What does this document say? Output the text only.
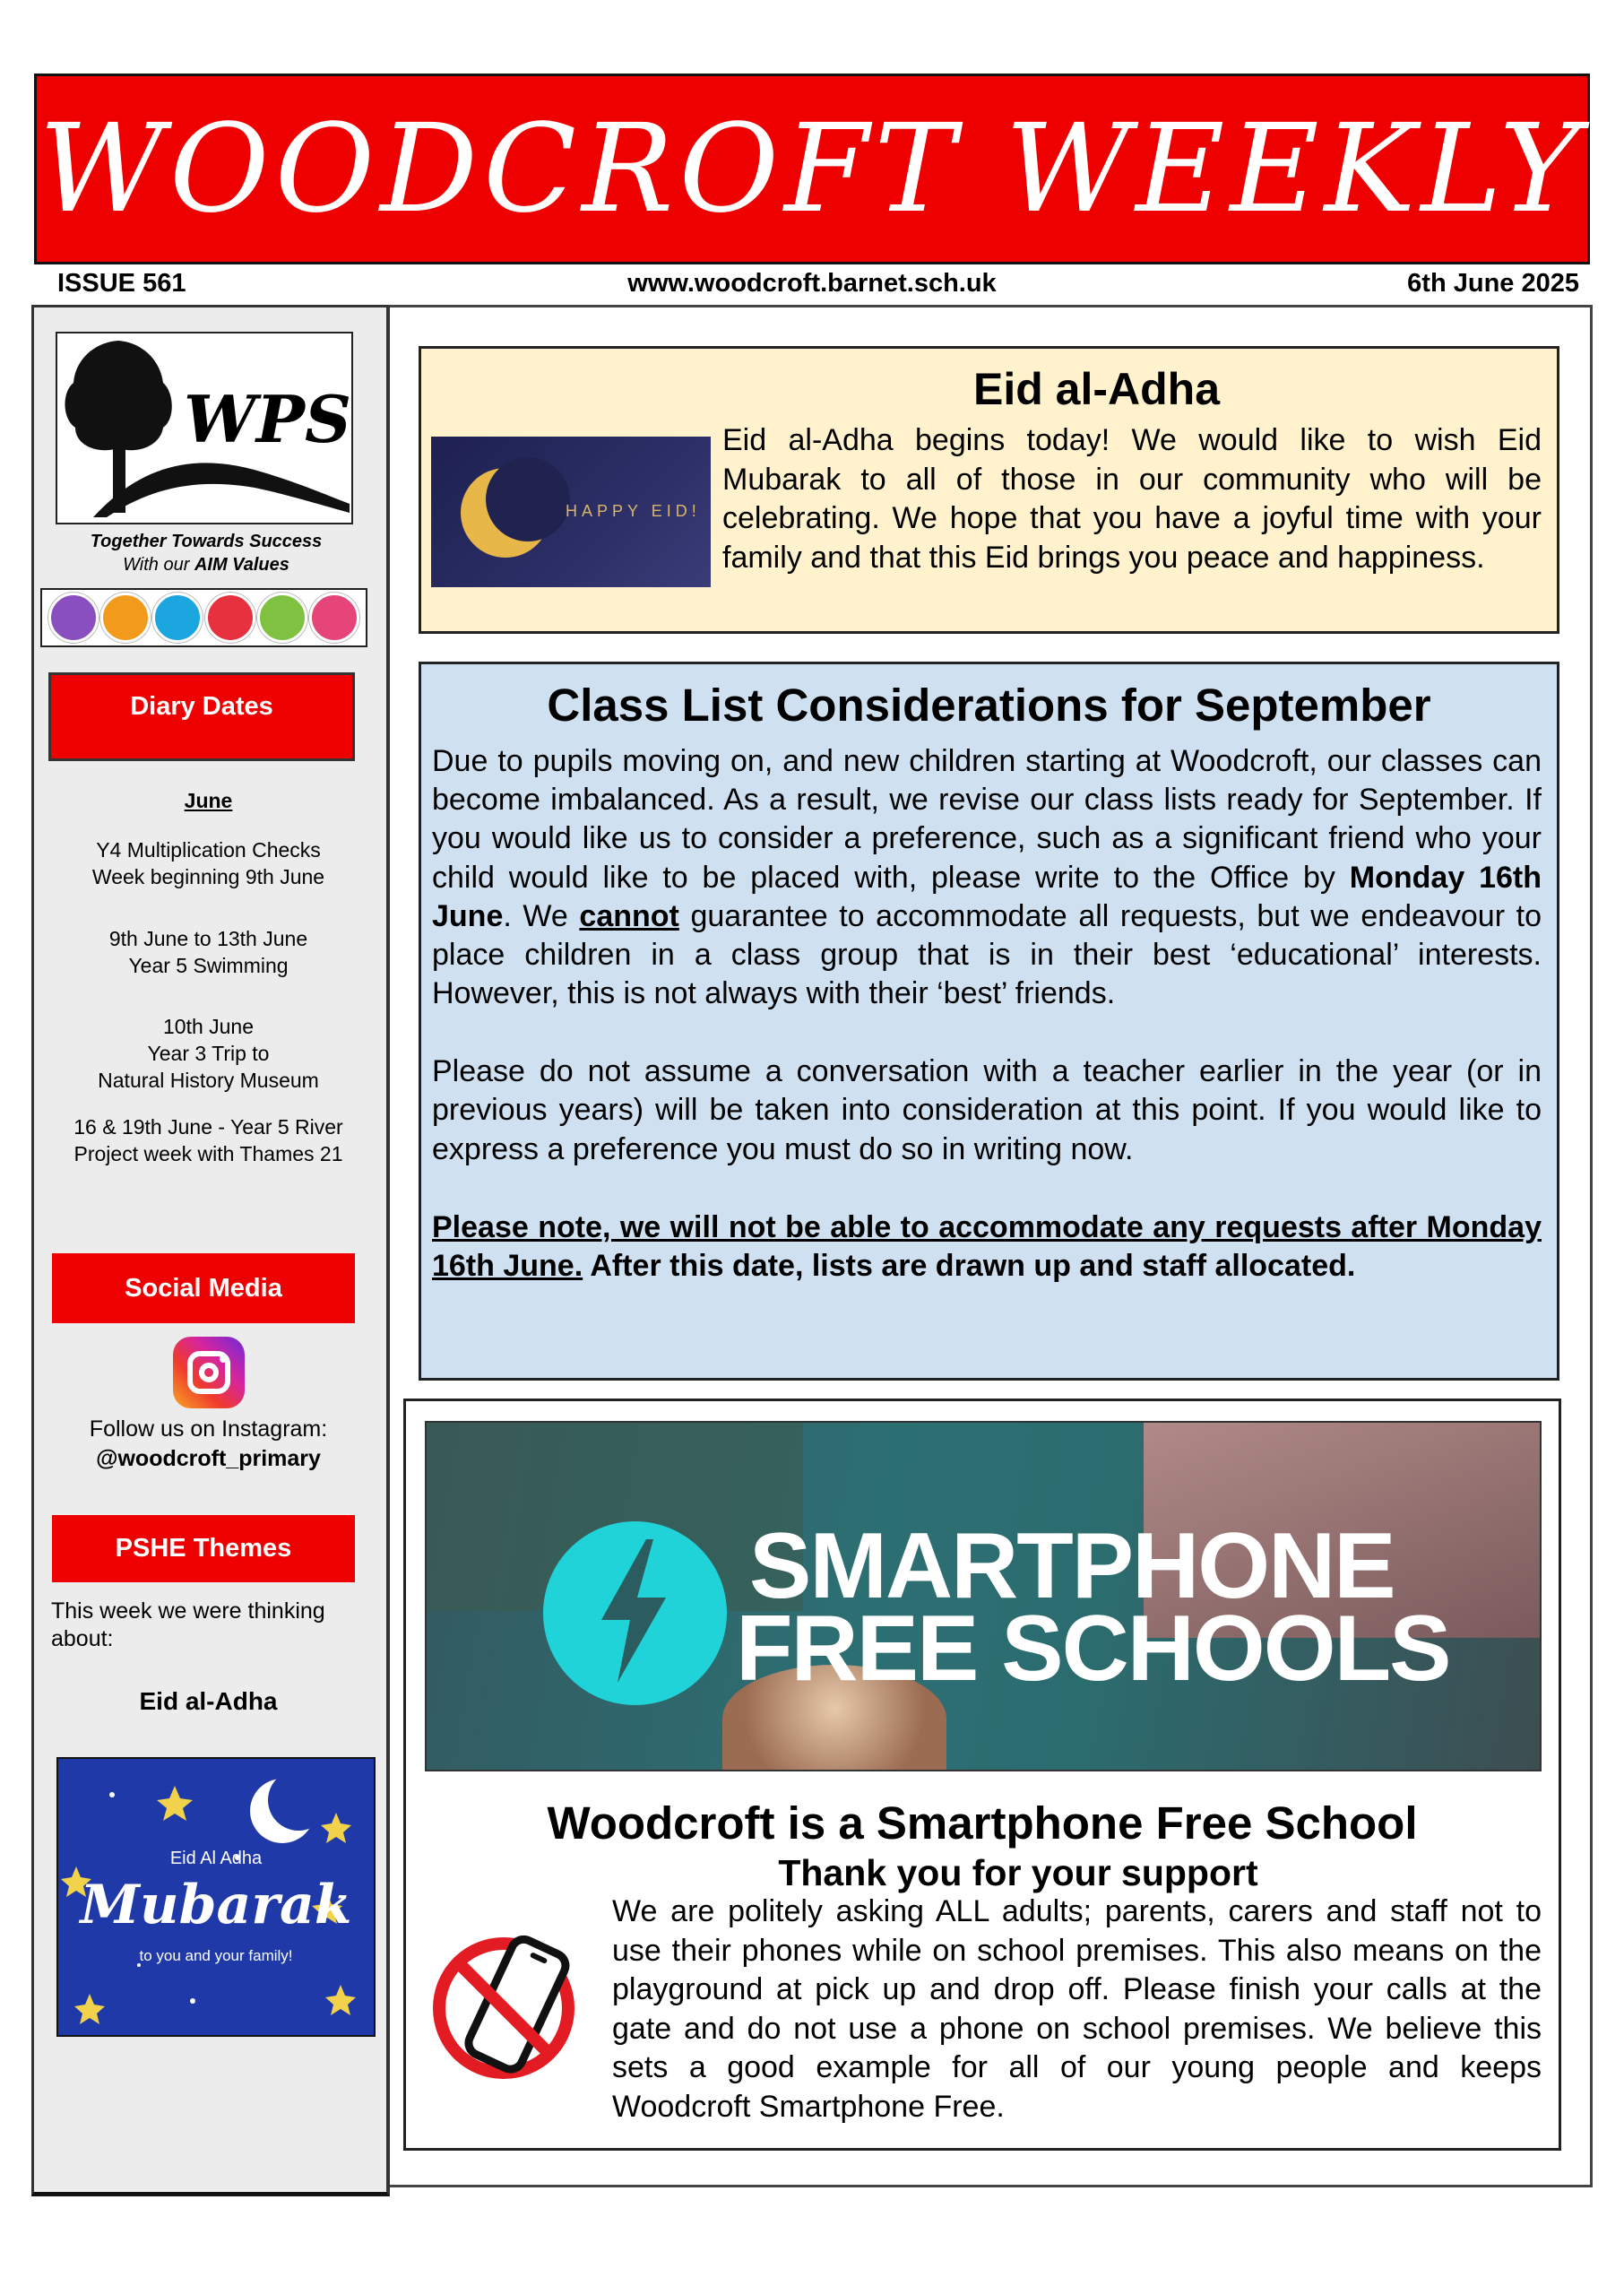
WOODCROFT WEEKLY
ISSUE 561	www.woodcroft.barnet.sch.uk	6th June 2025
WPS
Together Towards Success
With our AIM Values
Diary Dates
June
Y4 Multiplication Checks
Week beginning 9th June
9th June to 13th June
Year 5 Swimming
10th June
Year 3 Trip to
Natural History Museum
16 & 19th June - Year 5 River
Project week with Thames 21
Social Media
Follow us on Instagram:
@woodcroft_primary
PSHE Themes
This week we were thinking about:
Eid al-Adha
Eid Al Adha
Mubarak
to you and your family!
Eid al-Adha
HAPPY EID!
Eid al-Adha begins today! We would like to wish Eid Mubarak to all of those in our community who will be celebrating. We hope that you have a joyful time with your family and that this Eid brings you peace and happiness.
Class List Considerations for September

Due to pupils moving on, and new children starting at Woodcroft, our classes can become imbalanced. As a result, we revise our class lists ready for September. If you would like us to consider a preference, such as a significant friend who your child would like to be placed with, please write to the Office by Monday 16th June. We cannot guarantee to accommodate all requests, but we endeavour to place children in a class group that is in their best ‘educational’ interests. However, this is not always with their ‘best’ friends.

Please do not assume a conversation with a teacher earlier in the year (or in previous years) will be taken into consideration at this point. If you would like to express a preference you must do so in writing now.

Please note, we will not be able to accommodate any requests after Monday 16th June. After this date, lists are drawn up and staff allocated.

SMARTPHONE
FREE SCHOOLS
Woodcroft is a Smartphone Free School
Thank you for your support
We are politely asking ALL adults; parents, carers and staff not to use their phones while on school premises. This also means on the playground at pick up and drop off. Please finish your calls at the gate and do not use a phone on school premises. We believe this sets a good example for all of our young people and keeps Woodcroft Smartphone Free.
